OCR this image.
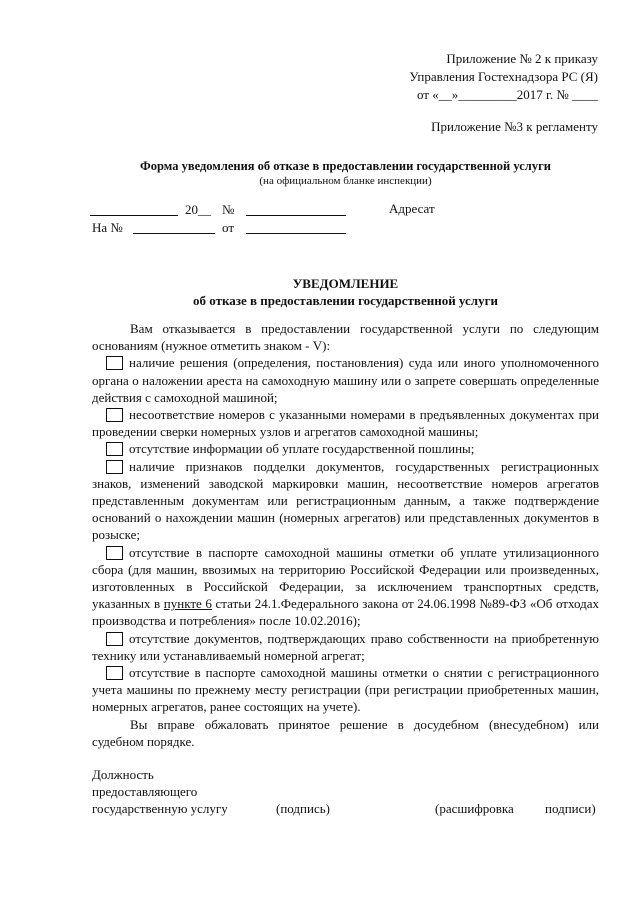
Приложение № 2 к приказу
Управления Гостехнадзора РС (Я)
от «__»_________2017 г. № ____
Приложение №3 к регламенту
Форма уведомления об отказе в предоставлении государственной услуги
(на официальном бланке инспекции)
20__ №	Адресат
На №	от
УВЕДОМЛЕНИЕ
об отказе в предоставлении государственной услуги

Вам отказывается в предоставлении государственной услуги по следующим основаниям (нужное отметить знаком - V):

наличие решения (определения, постановления) суда или иного уполномоченного органа о наложении ареста на самоходную машину или о запрете совершать определенные действия с самоходной машиной;

несоответствие номеров с указанными номерами в предъявленных документах при проведении сверки номерных узлов и агрегатов самоходной машины;

отсутствие информации об уплате государственной пошлины;

наличие признаков подделки документов, государственных регистрационных знаков, изменений заводской маркировки машин, несоответствие номеров агрегатов представленным документам или регистрационным данным, а также подтверждение оснований о нахождении машин (номерных агрегатов) или представленных документов в розыске;

отсутствие в паспорте самоходной машины отметки об уплате утилизационного сбора (для машин, ввозимых на территорию Российской Федерации или произведенных, изготовленных в Российской Федерации, за исключением транспортных средств, указанных в пункте 6 статьи 24.1.Федерального закона от 24.06.1998 №89-ФЗ «Об отходах производства и потребления» после 10.02.2016);

отсутствие документов, подтверждающих право собственности на приобретенную технику или устанавливаемый номерной агрегат;

отсутствие в паспорте самоходной машины отметки о снятии с регистрационного учета машины по прежнему месту регистрации (при регистрации приобретенных машин, номерных агрегатов, ранее состоящих на учете).

Вы вправе обжаловать принятое решение в досудебном (внесудебном) или судебном порядке.

Должность
предоставляющего
государственную услугу	(подпись)	(расшифровка подписи)
